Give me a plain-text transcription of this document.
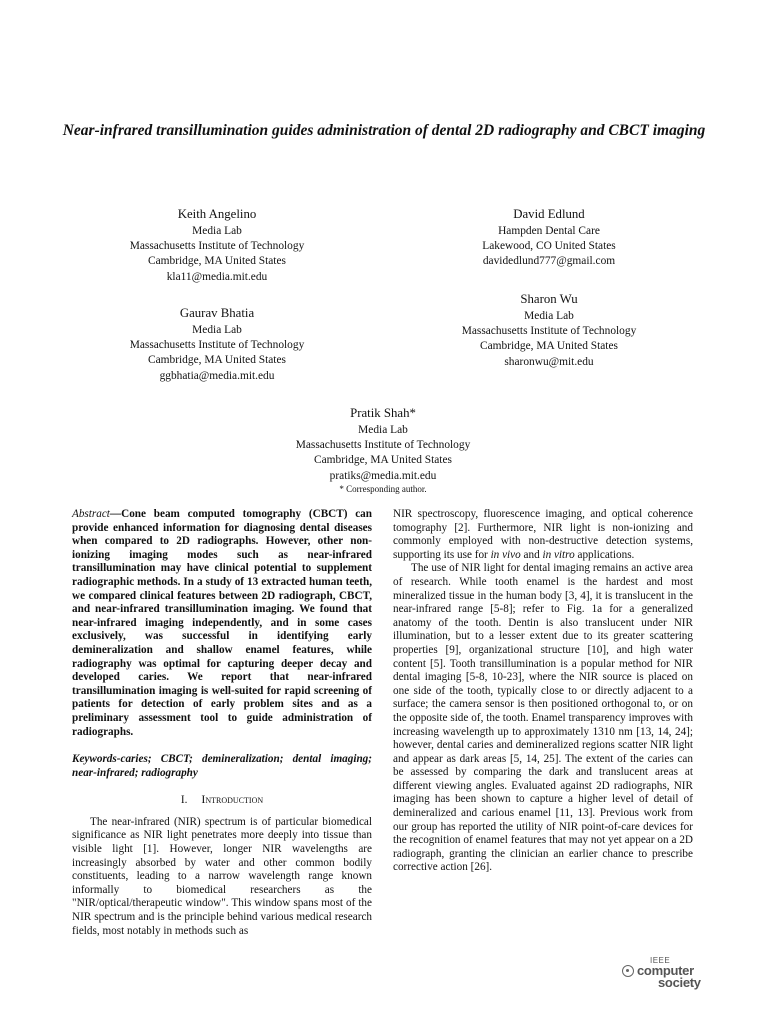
Near-infrared transillumination guides administration of dental 2D radiography and CBCT imaging
Keith Angelino
Media Lab
Massachusetts Institute of Technology
Cambridge, MA United States
kla11@media.mit.edu
David Edlund
Hampden Dental Care
Lakewood, CO United States
davidedlund777@gmail.com
Gaurav Bhatia
Media Lab
Massachusetts Institute of Technology
Cambridge, MA United States
ggbhatia@media.mit.edu
Sharon Wu
Media Lab
Massachusetts Institute of Technology
Cambridge, MA United States
sharonwu@mit.edu
Pratik Shah*
Media Lab
Massachusetts Institute of Technology
Cambridge, MA United States
pratiks@media.mit.edu
* Corresponding author.

Abstract—Cone beam computed tomography (CBCT) can provide enhanced information for diagnosing dental diseases when compared to 2D radiographs. However, other non-ionizing imaging modes such as near-infrared transillumination may have clinical potential to supplement radiographic methods. In a study of 13 extracted human teeth, we compared clinical features between 2D radiograph, CBCT, and near-infrared transillumination imaging. We found that near-infrared imaging independently, and in some cases exclusively, was successful in identifying early demineralization and shallow enamel features, while radiography was optimal for capturing deeper decay and developed caries. We report that near-infrared transillumination imaging is well-suited for rapid screening of patients for detection of early problem sites and as a preliminary assessment tool to guide administration of radiographs.

Keywords-caries; CBCT; demineralization; dental imaging; near-infrared; radiography

I. Introduction

The near-infrared (NIR) spectrum is of particular biomedical significance as NIR light penetrates more deeply into tissue than visible light [1]. However, longer NIR wavelengths are increasingly absorbed by water and other common bodily constituents, leading to a narrow wavelength range known informally to biomedical researchers as the "NIR/optical/therapeutic window". This window spans most of the NIR spectrum and is the principle behind various medical research fields, most notably in methods such as

NIR spectroscopy, fluorescence imaging, and optical coherence tomography [2]. Furthermore, NIR light is non-ionizing and commonly employed with non-destructive detection systems, supporting its use for in vivo and in vitro applications.

The use of NIR light for dental imaging remains an active area of research. While tooth enamel is the hardest and most mineralized tissue in the human body [3, 4], it is translucent in the near-infrared range [5-8]; refer to Fig. 1a for a generalized anatomy of the tooth. Dentin is also translucent under NIR illumination, but to a lesser extent due to its greater scattering properties [9], organizational structure [10], and high water content [5]. Tooth transillumination is a popular method for NIR dental imaging [5-8, 10-23], where the NIR source is placed on one side of the tooth, typically close to or directly adjacent to a surface; the camera sensor is then positioned orthogonal to, or on the opposite side of, the tooth. Enamel transparency improves with increasing wavelength up to approximately 1310 nm [13, 14, 24]; however, dental caries and demineralized regions scatter NIR light and appear as dark areas [5, 14, 25]. The extent of the caries can be assessed by comparing the dark and translucent areas at different viewing angles. Evaluated against 2D radiographs, NIR imaging has been shown to capture a higher level of detail of demineralized and carious enamel [11, 13]. Previous work from our group has reported the utility of NIR point-of-care devices for the recognition of enamel features that may not yet appear on a 2D radiograph, granting the clinician an earlier chance to prescribe corrective action [26].

IEEE
computer
society
